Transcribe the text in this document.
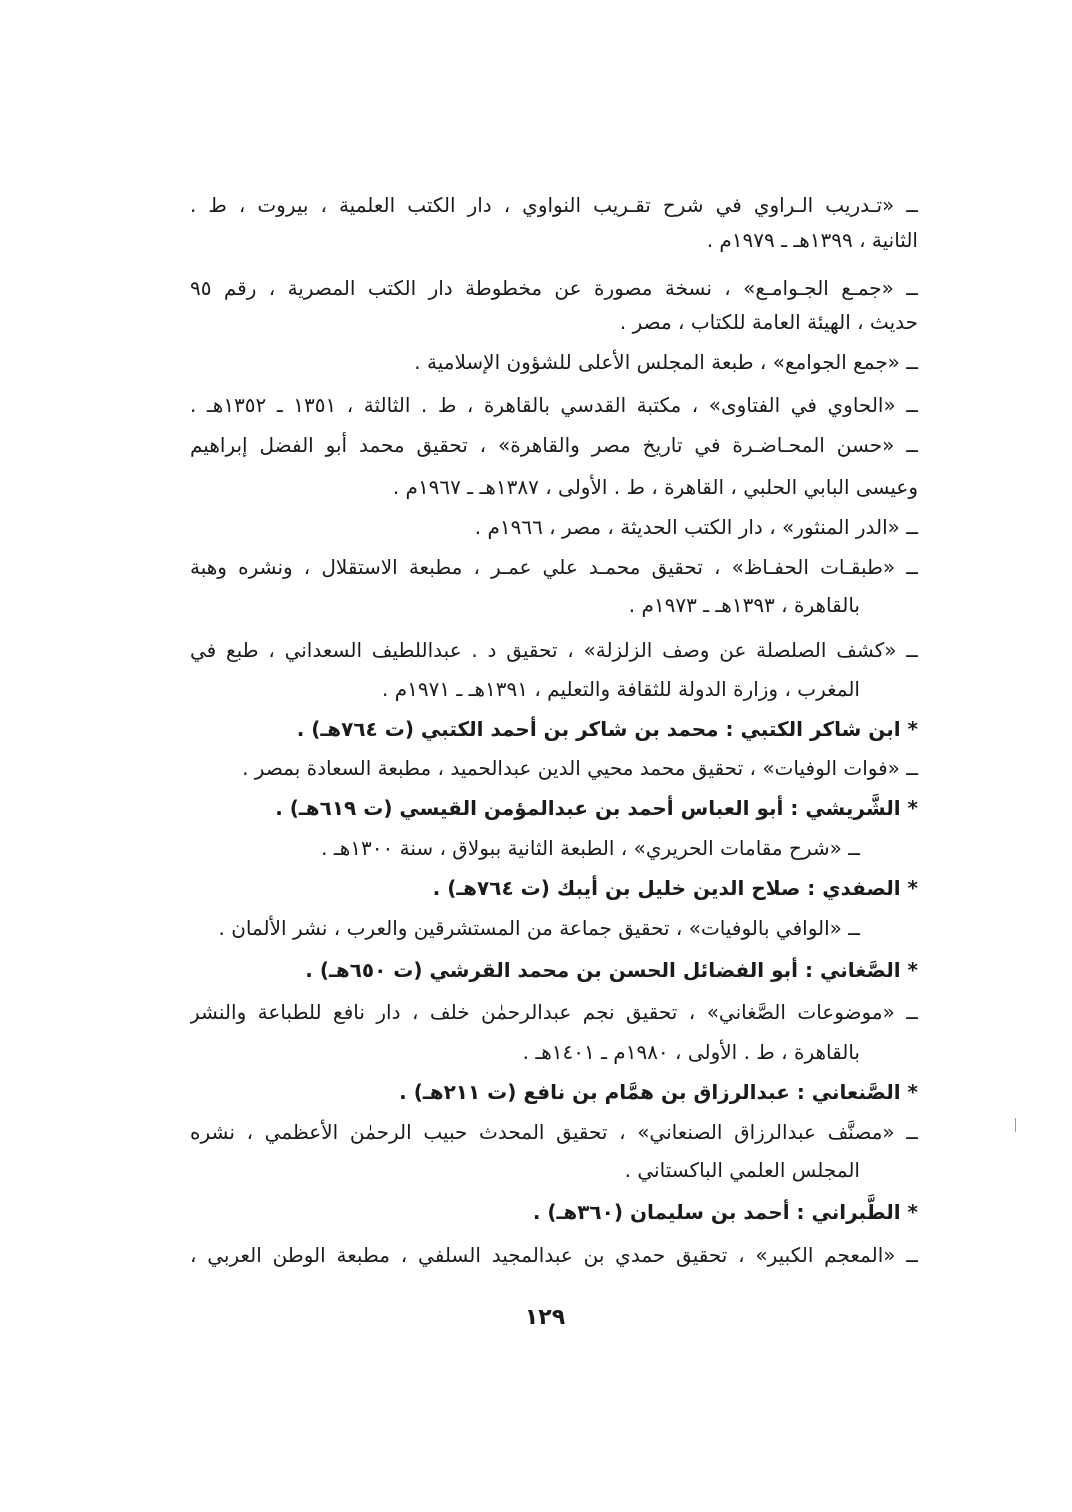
ــ «تـدريب الـراوي في شرح تقـريب النواوي ، دار الكتب العلمية ، بيروت ، ط .
الثانية ، ١٣٩٩هـ ـ ١٩٧٩م .
ــ «جمـع الجـوامـع» ، نسخة مصورة عن مخطوطة دار الكتب المصرية ، رقم ٩٥
حديث ، الهيئة العامة للكتاب ، مصر .
ــ «جمع الجوامع» ، طبعة المجلس الأعلى للشؤون الإسلامية .
ــ «الحاوي في الفتاوى» ، مكتبة القدسي بالقاهرة ، ط . الثالثة ، ١٣٥١ ـ ١٣٥٢هـ .
ــ «حسن المحـاضـرة في تاريخ مصر والقاهرة» ، تحقيق محمد أبو الفضل إبراهيم
وعيسى البابي الحلبي ، القاهرة ، ط . الأولى ، ١٣٨٧هـ ـ ١٩٦٧م .
ــ «الدر المنثور» ، دار الكتب الحديثة ، مصر ، ١٩٦٦م .
ــ «طبقـات الحفـاظ» ، تحقيق محمـد علي عمـر ، مطبعة الاستقلال ، ونشره وهبة
بالقاهرة ، ١٣٩٣هـ ـ ١٩٧٣م .
ــ «كشف الصلصلة عن وصف الزلزلة» ، تحقيق د . عبداللطيف السعداني ، طبع في
المغرب ، وزارة الدولة للثقافة والتعليم ، ١٣٩١هـ ـ ١٩٧١م .
* ابن شاكر الكتبي : محمد بن شاكر بن أحمد الكتبي (ت ٧٦٤هـ) .
ــ «فوات الوفيات» ، تحقيق محمد محيي الدين عبدالحميد ، مطبعة السعادة بمصر .
* الشَّريشي : أبو العباس أحمد بن عبدالمؤمن القيسي (ت ٦١٩هـ) .
ــ «شرح مقامات الحريري» ، الطبعة الثانية ببولاق ، سنة ١٣٠٠هـ .
* الصفدي : صلاح الدين خليل بن أيبك (ت ٧٦٤هـ) .
ــ «الوافي بالوفيات» ، تحقيق جماعة من المستشرقين والعرب ، نشر الألمان .
* الصَّغاني : أبو الفضائل الحسن بن محمد القرشي (ت ٦٥٠هـ) .
ــ «موضوعات الصَّغاني» ، تحقيق نجم عبدالرحمٰن خلف ، دار نافع للطباعة والنشر
بالقاهرة ، ط . الأولى ، ١٩٨٠م ـ ١٤٠١هـ .
* الصَّنعاني : عبدالرزاق بن همَّام بن نافع (ت ٢١١هـ) .
ــ «مصنَّف عبدالرزاق الصنعاني» ، تحقيق المحدث حبيب الرحمٰن الأعظمي ، نشره
المجلس العلمي الباكستاني .
* الطَّبراني : أحمد بن سليمان (٣٦٠هـ) .
ــ «المعجم الكبير» ، تحقيق حمدي بن عبدالمجيد السلفي ، مطبعة الوطن العربي ،
١٢٩
